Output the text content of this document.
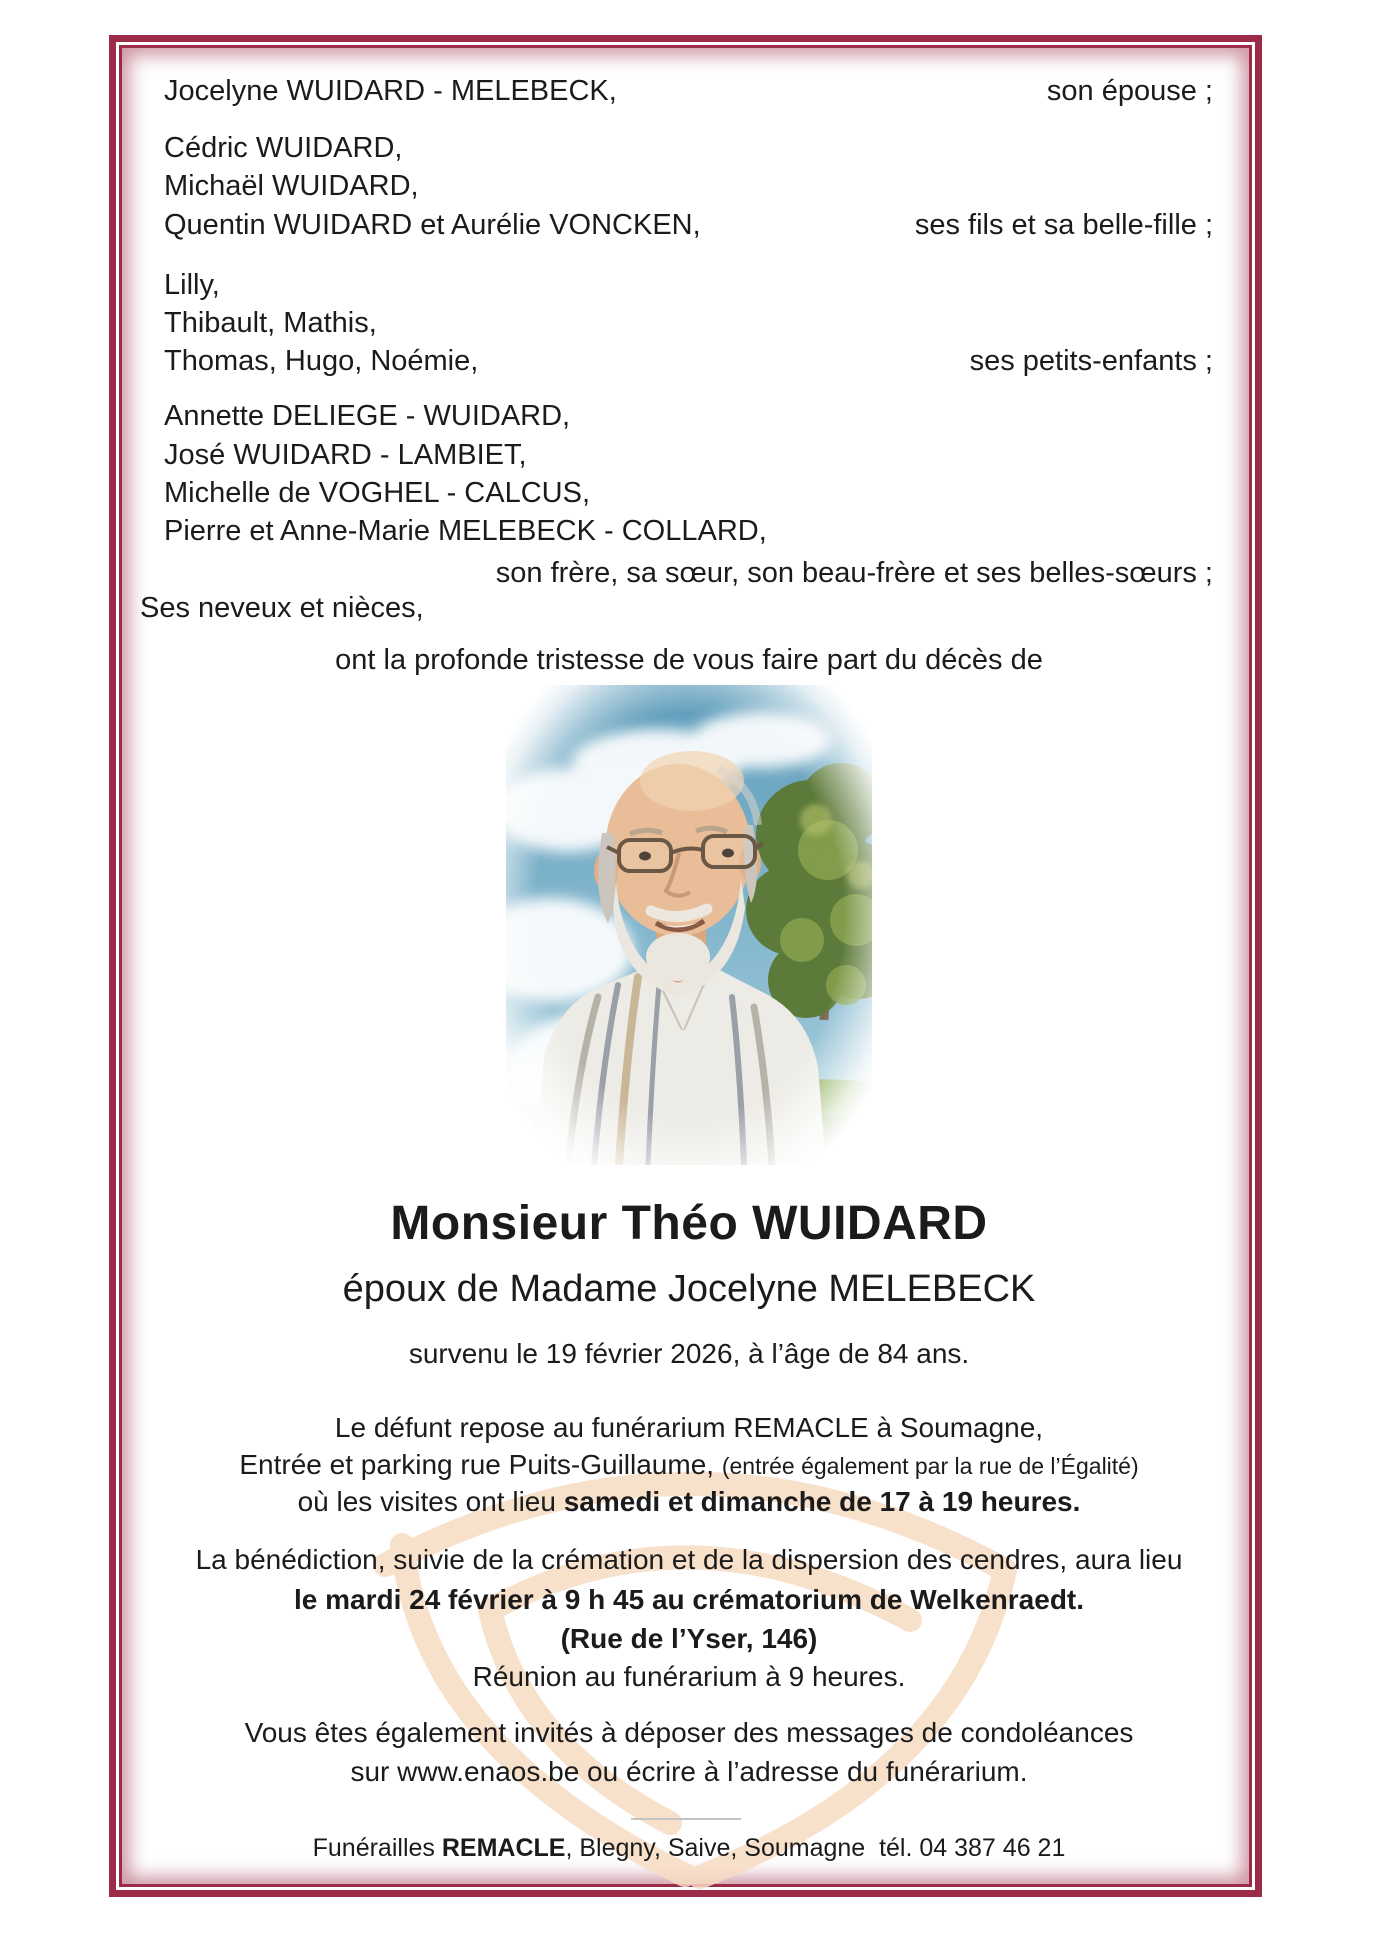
Jocelyne WUIDARD - MELEBECK,	son épouse ;
Cédric WUIDARD,
Michaël WUIDARD,
Quentin WUIDARD et Aurélie VONCKEN,	ses fils et sa belle-fille ;
Lilly,
Thibault, Mathis,
Thomas, Hugo, Noémie,	ses petits-enfants ;
Annette DELIEGE - WUIDARD,
José WUIDARD - LAMBIET,
Michelle de VOGHEL - CALCUS,
Pierre et Anne-Marie MELEBECK - COLLARD,
son frère, sa sœur, son beau-frère et ses belles-sœurs ;
Ses neveux et nièces,
ont la profonde tristesse de vous faire part du décès de
Monsieur Théo WUIDARD
époux de Madame Jocelyne MELEBECK
survenu le 19 février 2026, à l’âge de 84 ans.
Le défunt repose au funérarium REMACLE à Soumagne,
Entrée et parking rue Puits-Guillaume, (entrée également par la rue de l’Égalité)
où les visites ont lieu samedi et dimanche de 17 à 19 heures.
La bénédiction, suivie de la crémation et de la dispersion des cendres, aura lieu
le mardi 24 février à 9 h 45 au crématorium de Welkenraedt.
(Rue de l’Yser, 146)
Réunion au funérarium à 9 heures.
Vous êtes également invités à déposer des messages de condoléances
sur www.enaos.be ou écrire à l’adresse du funérarium.
Funérailles REMACLE, Blegny, Saive, Soumagne  tél. 04 387 46 21
